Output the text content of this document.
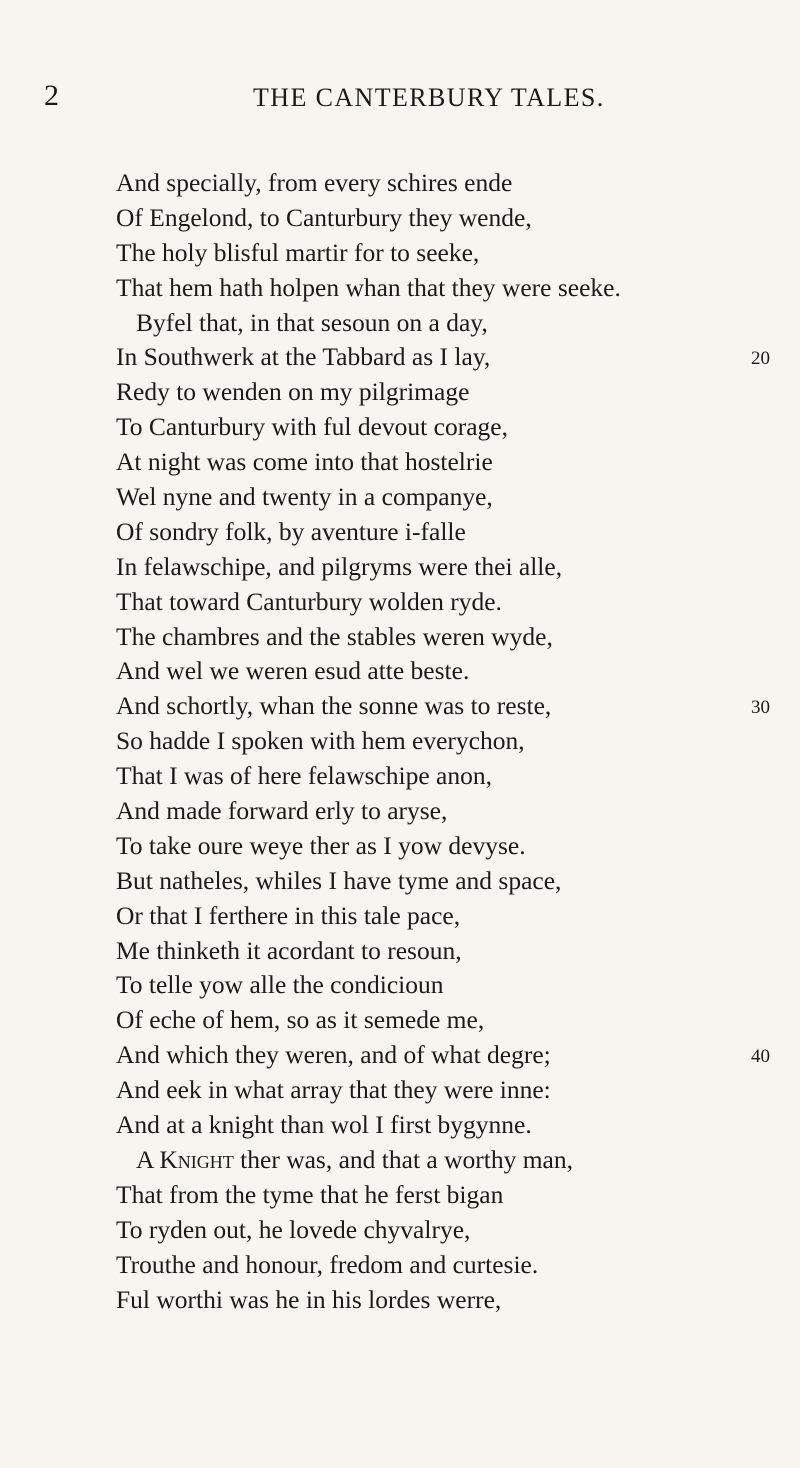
2	THE CANTERBURY TALES.
And specially, from every schires ende
Of Engelond, to Canturbury they wende,
The holy blisful martir for to seeke,
That hem hath holpen whan that they were seeke.
Byfel that, in that sesoun on a day,
In Southwerk at the Tabbard as I lay,	20
Redy to wenden on my pilgrimage
To Canturbury with ful devout corage,
At night was come into that hostelrie
Wel nyne and twenty in a companye,
Of sondry folk, by aventure i-falle
In felawschipe, and pilgryms were thei alle,
That toward Canturbury wolden ryde.
The chambres and the stables weren wyde,
And wel we weren esud atte beste.
And schortly, whan the sonne was to reste,	30
So hadde I spoken with hem everychon,
That I was of here felawschipe anon,
And made forward erly to aryse,
To take oure weye ther as I yow devyse.
But natheles, whiles I have tyme and space,
Or that I ferthere in this tale pace,
Me thinketh it acordant to resoun,
To telle yow alle the condicioun
Of eche of hem, so as it semede me,
And which they weren, and of what degre;	40
And eek in what array that they were inne:
And at a knight than wol I first bygynne.
A Knight ther was, and that a worthy man,
That from the tyme that he ferst bigan
To ryden out, he lovede chyvalrye,
Trouthe and honour, fredom and curtesie.
Ful worthi was he in his lordes werre,
